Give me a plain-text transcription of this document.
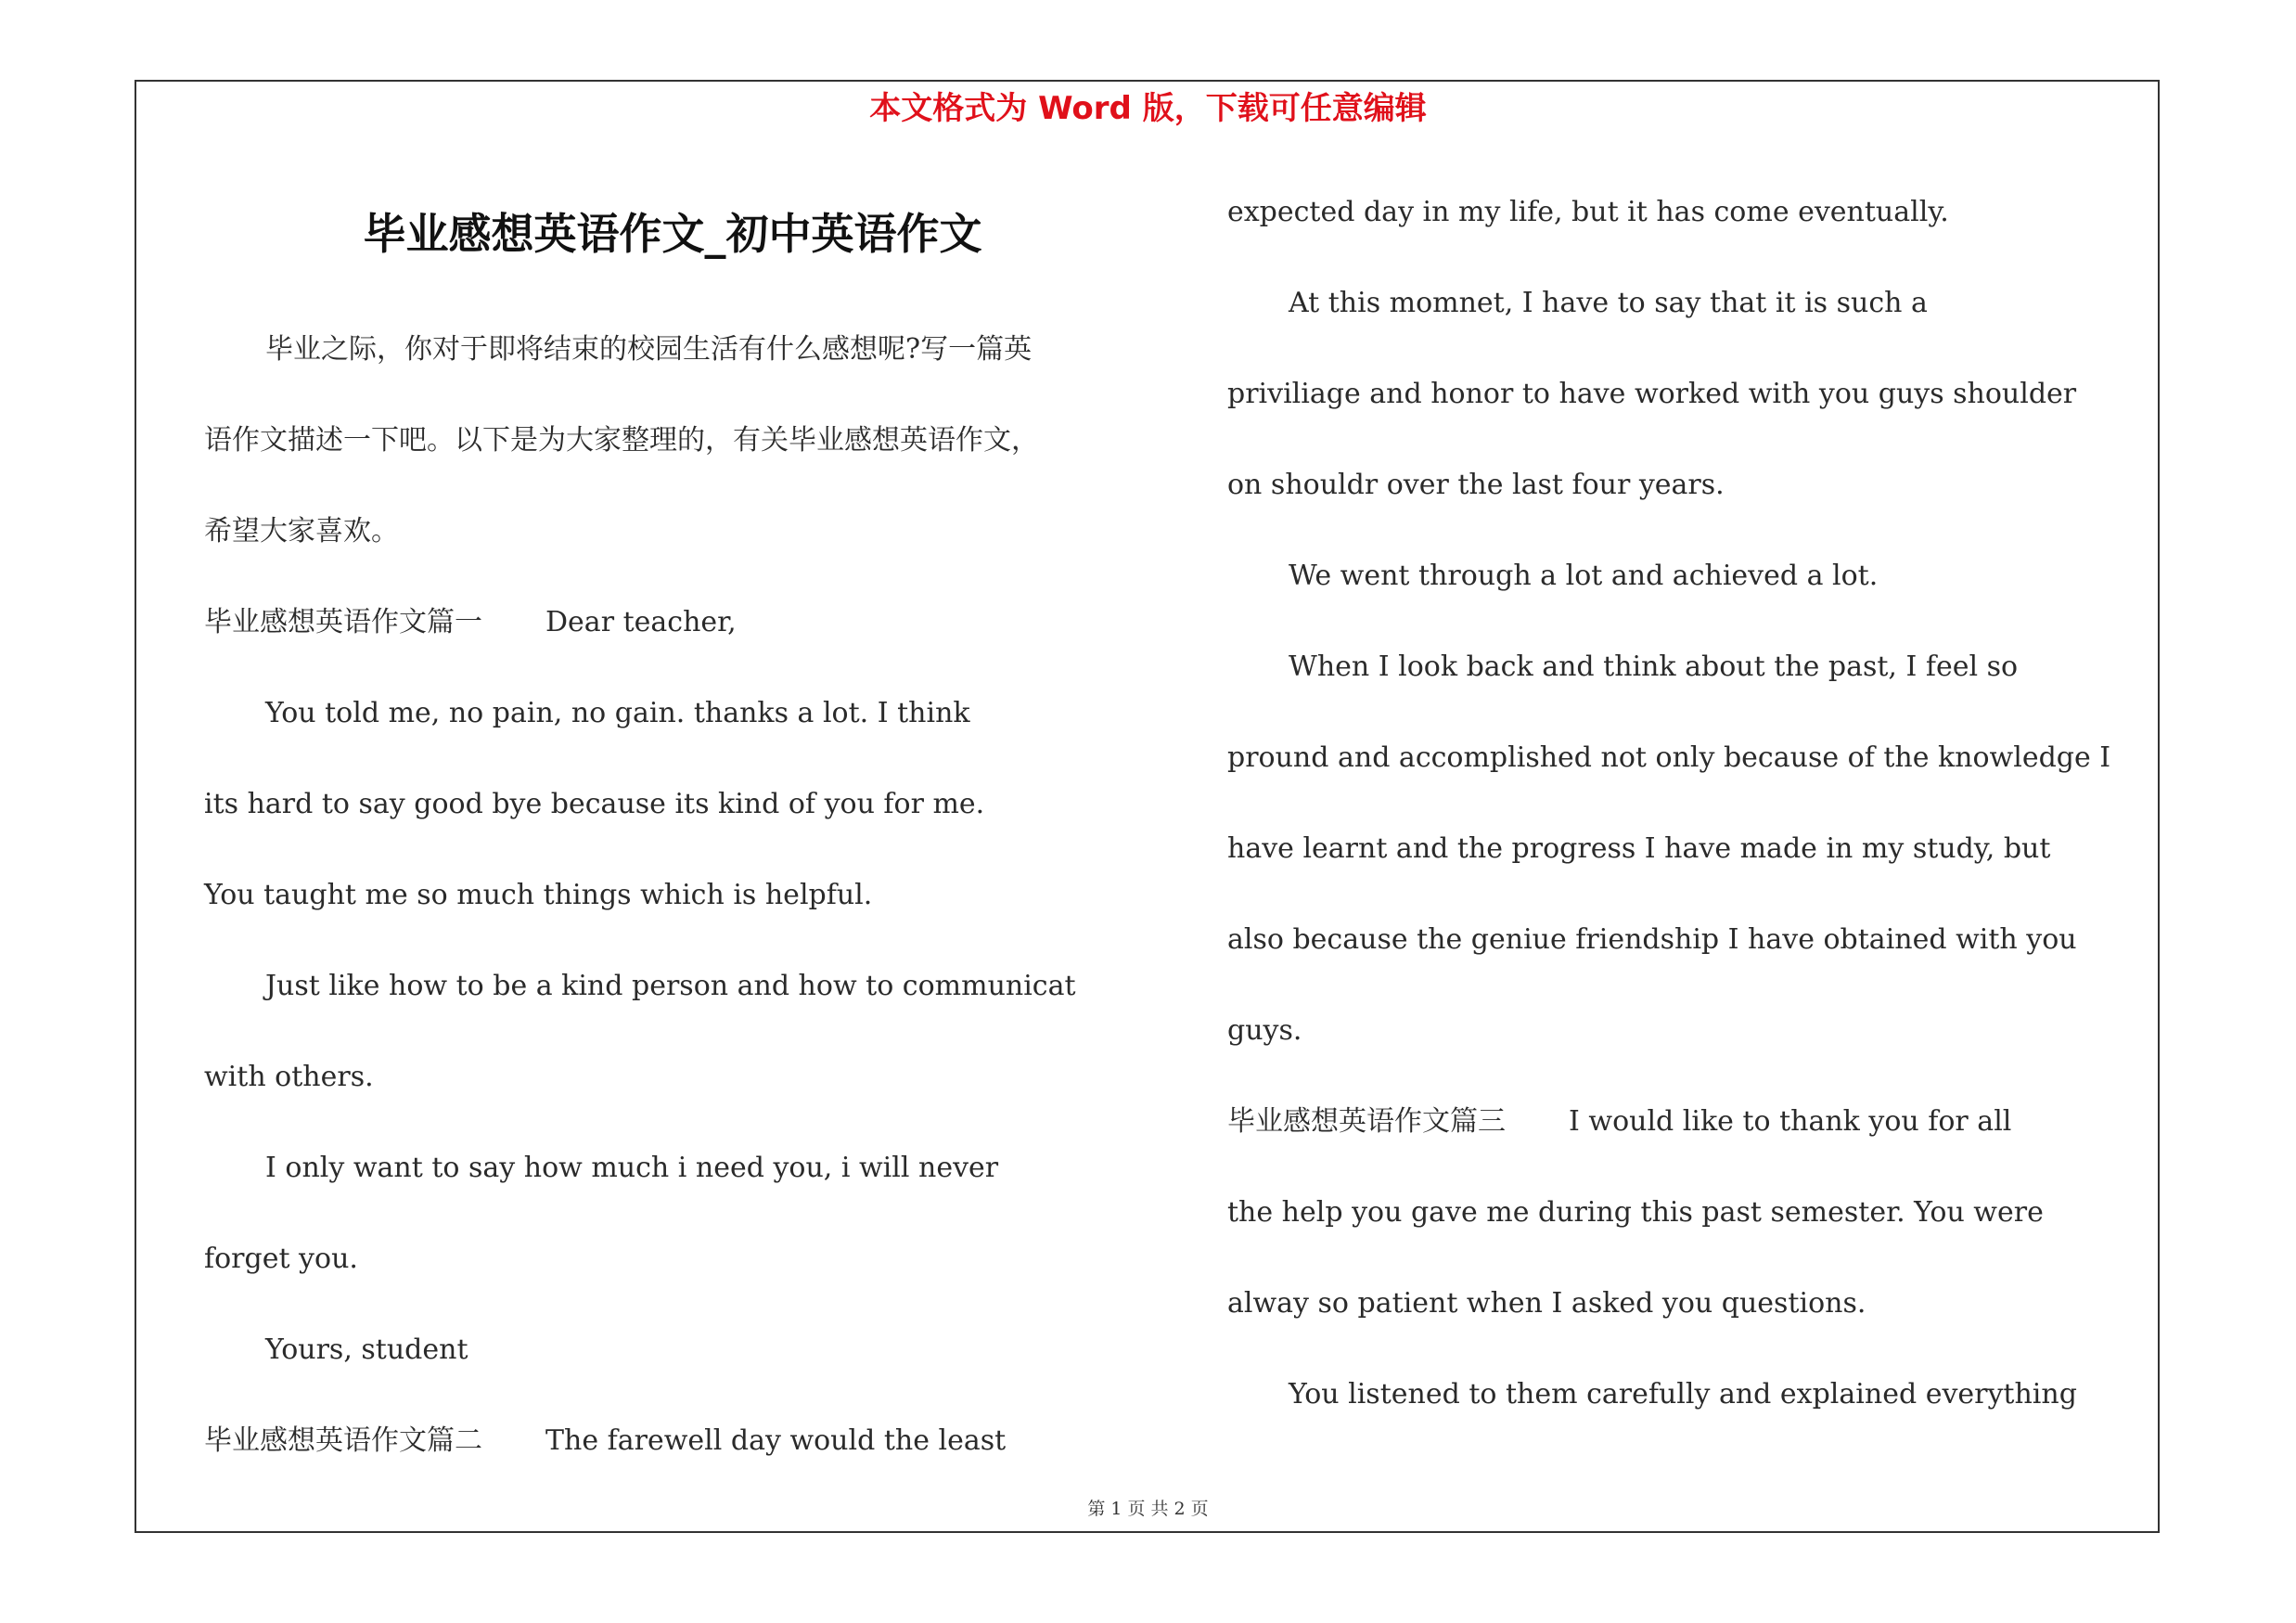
本文格式为 Word 版，下载可任意编辑

毕业感想英语作文_初中英语作文
毕业之际，你对于即将结束的校园生活有什么感想呢?写一篇英
语作文描述一下吧。以下是为大家整理的，有关毕业感想英语作文，
希望大家喜欢。
毕业感想英语作文篇一 Dear teacher,
You told me, no pain, no gain. thanks a lot. I think
its hard to say good bye because its kind of you for me.
You taught me so much things which is helpful.
Just like how to be a kind person and how to communicat
with others.
I only want to say how much i need you, i will never
forget you.
Yours, student
毕业感想英语作文篇二 The farewell day would the least
expected day in my life, but it has come eventually.
At this momnet, I have to say that it is such a
priviliage and honor to have worked with you guys shoulder
on shouldr over the last four years.
We went through a lot and achieved a lot.
When I look back and think about the past, I feel so
pround and accomplished not only because of the knowledge I
have learnt and the progress I have made in my study, but
also because the geniue friendship I have obtained with you
guys.
毕业感想英语作文篇三 I would like to thank you for all
the help you gave me during this past semester. You were
alway so patient when I asked you questions.
You listened to them carefully and explained everything

第 1 页 共 2 页
